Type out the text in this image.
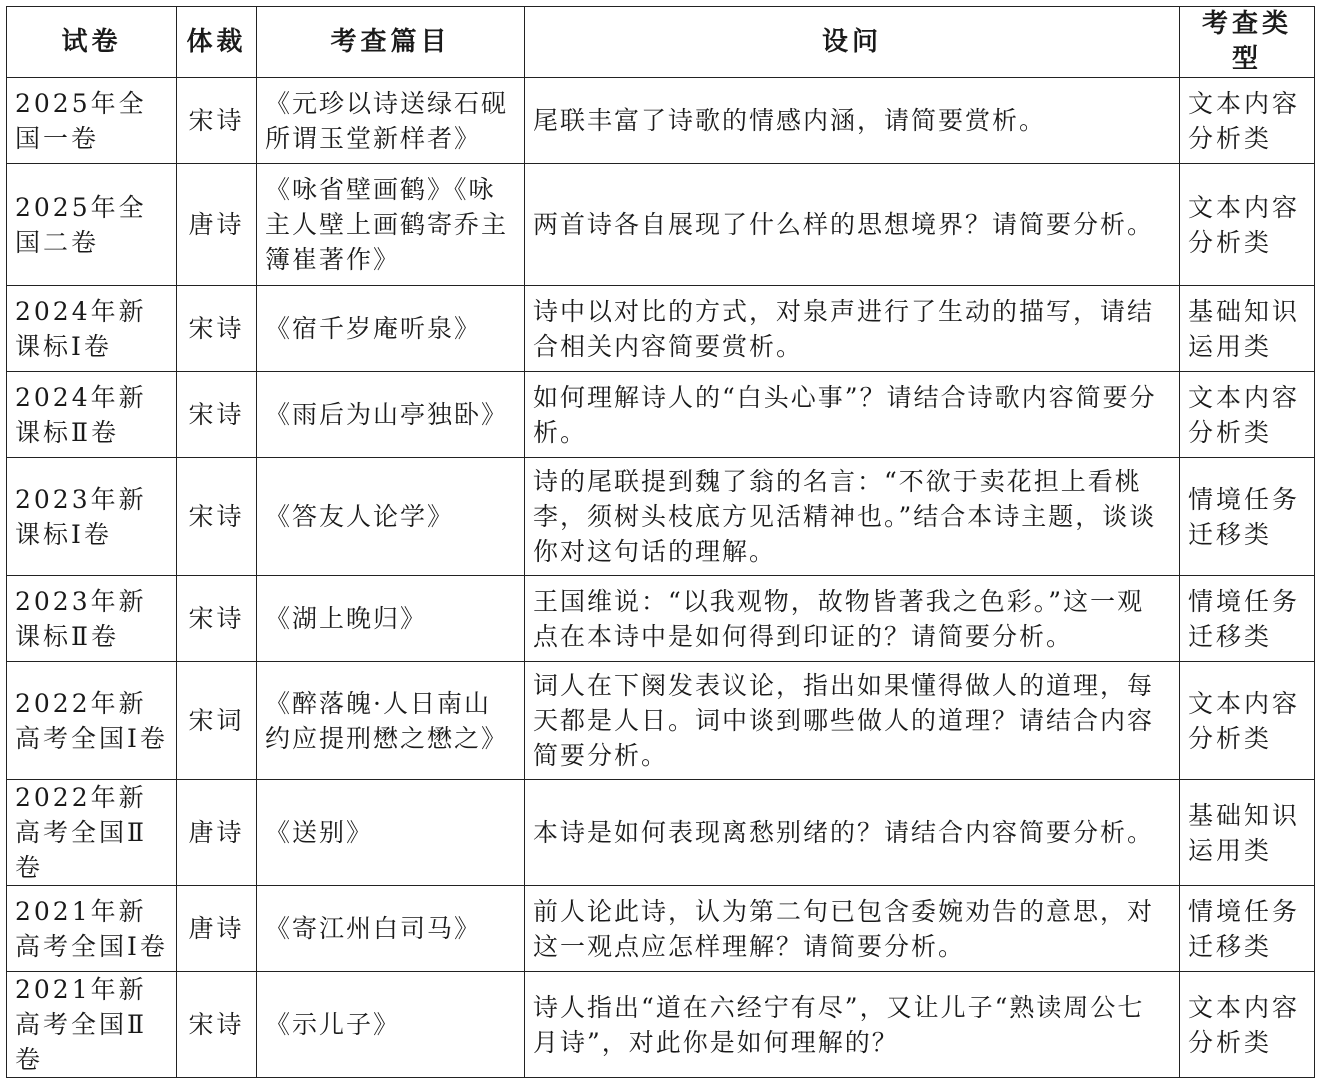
试卷	体裁	考查篇目	设问	考查类型
2025年全国一卷	宋诗	《元珍以诗送绿石砚所谓玉堂新样者》	尾联丰富了诗歌的情感内涵，请简要赏析。	文本内容分析类
2025年全国二卷	唐诗	《咏省壁画鹤》《咏主人壁上画鹤寄乔主簿崔著作》	两首诗各自展现了什么样的思想境界？请简要分析。	文本内容分析类
2024年新课标Ⅰ卷	宋诗	《宿千岁庵听泉》	诗中以对比的方式，对泉声进行了生动的描写，请结合相关内容简要赏析。	基础知识运用类
2024年新课标Ⅱ卷	宋诗	《雨后为山亭独卧》	如何理解诗人的“白头心事”？请结合诗歌内容简要分析。	文本内容分析类
2023年新课标Ⅰ卷	宋诗	《答友人论学》	诗的尾联提到魏了翁的名言：“不欲于卖花担上看桃李，须树头枝底方见活精神也。”结合本诗主题，谈谈你对这句话的理解。	情境任务迁移类
2023年新课标Ⅱ卷	宋诗	《湖上晚归》	王国维说：“以我观物，故物皆著我之色彩。”这一观点在本诗中是如何得到印证的？请简要分析。	情境任务迁移类
2022年新高考全国Ⅰ卷	宋词	《醉落魄·人日南山约应提刑懋之懋之》	词人在下阕发表议论，指出如果懂得做人的道理，每天都是人日。词中谈到哪些做人的道理？请结合内容简要分析。	文本内容分析类
2022年新高考全国Ⅱ卷	唐诗	《送别》	本诗是如何表现离愁别绪的？请结合内容简要分析。	基础知识运用类
2021年新高考全国Ⅰ卷	唐诗	《寄江州白司马》	前人论此诗，认为第二句已包含委婉劝告的意思，对这一观点应怎样理解？请简要分析。	情境任务迁移类
2021年新高考全国Ⅱ卷	宋诗	《示儿子》	诗人指出“道在六经宁有尽”，又让儿子“熟读周公七月诗”，对此你是如何理解的？	文本内容分析类
